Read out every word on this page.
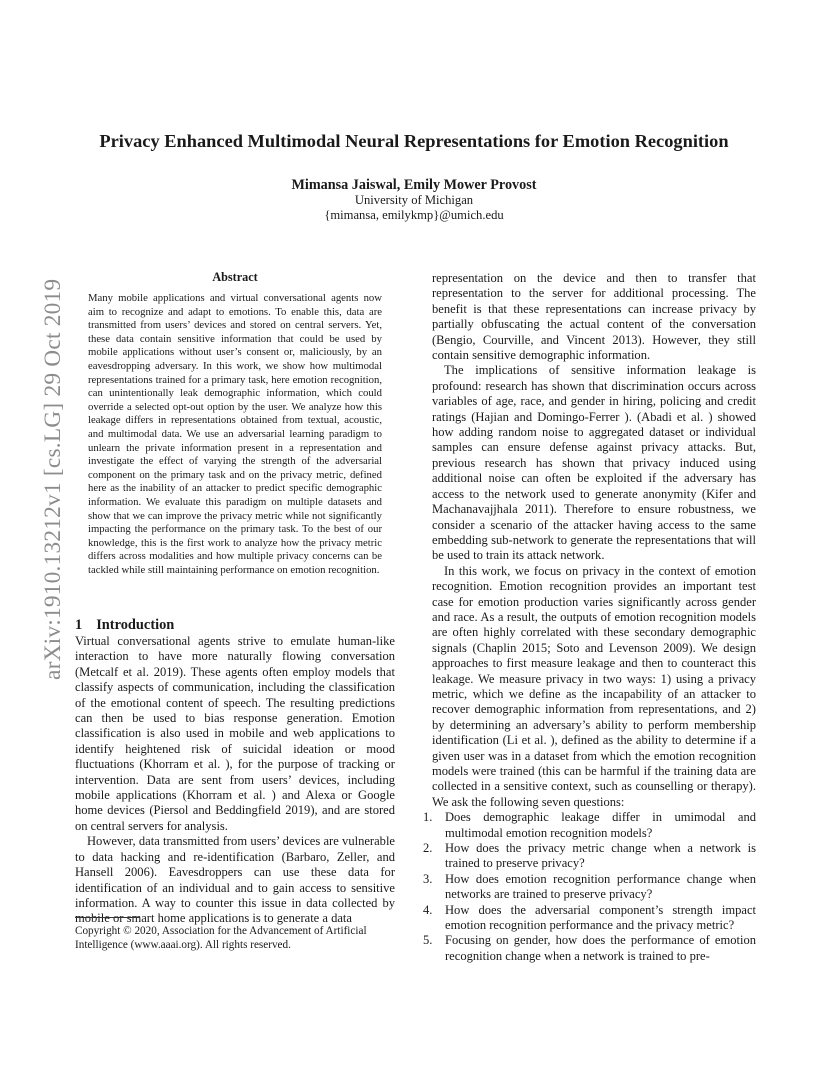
arXiv:1910.13212v1 [cs.LG] 29 Oct 2019
Privacy Enhanced Multimodal Neural Representations for Emotion Recognition
Mimansa Jaiswal, Emily Mower Provost
University of Michigan
{mimansa, emilykmp}@umich.edu
Abstract
Many mobile applications and virtual conversational agents now aim to recognize and adapt to emotions. To enable this, data are transmitted from users’ devices and stored on central servers. Yet, these data contain sensitive information that could be used by mobile applications without user’s consent or, maliciously, by an eavesdropping adversary. In this work, we show how multimodal representations trained for a primary task, here emotion recognition, can unintentionally leak demographic information, which could override a selected opt-out option by the user. We analyze how this leakage differs in representations obtained from textual, acoustic, and multimodal data. We use an adversarial learning paradigm to unlearn the private information present in a representation and investigate the effect of varying the strength of the adversarial component on the primary task and on the privacy metric, defined here as the inability of an attacker to predict specific demographic information. We evaluate this paradigm on multiple datasets and show that we can improve the privacy metric while not significantly impacting the performance on the primary task. To the best of our knowledge, this is the first work to analyze how the privacy metric differs across modalities and how multiple privacy concerns can be tackled while still maintaining performance on emotion recognition.
1 Introduction

Virtual conversational agents strive to emulate human-like interaction to have more naturally flowing conversation (Metcalf et al. 2019). These agents often employ models that classify aspects of communication, including the classification of the emotional content of speech. The resulting predictions can then be used to bias response generation. Emotion classification is also used in mobile and web applications to identify heightened risk of suicidal ideation or mood fluctuations (Khorram et al. ), for the purpose of tracking or intervention. Data are sent from users’ devices, including mobile applications (Khorram et al. ) and Alexa or Google home devices (Piersol and Beddingfield 2019), and are stored on central servers for analysis.

However, data transmitted from users’ devices are vulnerable to data hacking and re-identification (Barbaro, Zeller, and Hansell 2006). Eavesdroppers can use these data for identification of an individual and to gain access to sensitive information. A way to counter this issue in data collected by mobile or smart home applications is to generate a data

representation on the device and then to transfer that representation to the server for additional processing. The benefit is that these representations can increase privacy by partially obfuscating the actual content of the conversation (Bengio, Courville, and Vincent 2013). However, they still contain sensitive demographic information.

The implications of sensitive information leakage is profound: research has shown that discrimination occurs across variables of age, race, and gender in hiring, policing and credit ratings (Hajian and Domingo-Ferrer ). (Abadi et al. ) showed how adding random noise to aggregated dataset or individual samples can ensure defense against privacy attacks. But, previous research has shown that privacy induced using additional noise can often be exploited if the adversary has access to the network used to generate anonymity (Kifer and Machanavajjhala 2011). Therefore to ensure robustness, we consider a scenario of the attacker having access to the same embedding sub-network to generate the representations that will be used to train its attack network.

In this work, we focus on privacy in the context of emotion recognition. Emotion recognition provides an important test case for emotion production varies significantly across gender and race. As a result, the outputs of emotion recognition models are often highly correlated with these secondary demographic signals (Chaplin 2015; Soto and Levenson 2009). We design approaches to first measure leakage and then to counteract this leakage. We measure privacy in two ways: 1) using a privacy metric, which we define as the incapability of an attacker to recover demographic information from representations, and 2) by determining an adversary’s ability to perform membership identification (Li et al. ), defined as the ability to determine if a given user was in a dataset from which the emotion recognition models were trained (this can be harmful if the training data are collected in a sensitive context, such as counselling or therapy). We ask the following seven questions:

1. Does demographic leakage differ in umimodal and multimodal emotion recognition models?
2. How does the privacy metric change when a network is trained to preserve privacy?
3. How does emotion recognition performance change when networks are trained to preserve privacy?
4. How does the adversarial component’s strength impact emotion recognition performance and the privacy metric?
5. Focusing on gender, how does the performance of emotion recognition change when a network is trained to pre-
Copyright © 2020, Association for the Advancement of Artificial Intelligence (www.aaai.org). All rights reserved.
